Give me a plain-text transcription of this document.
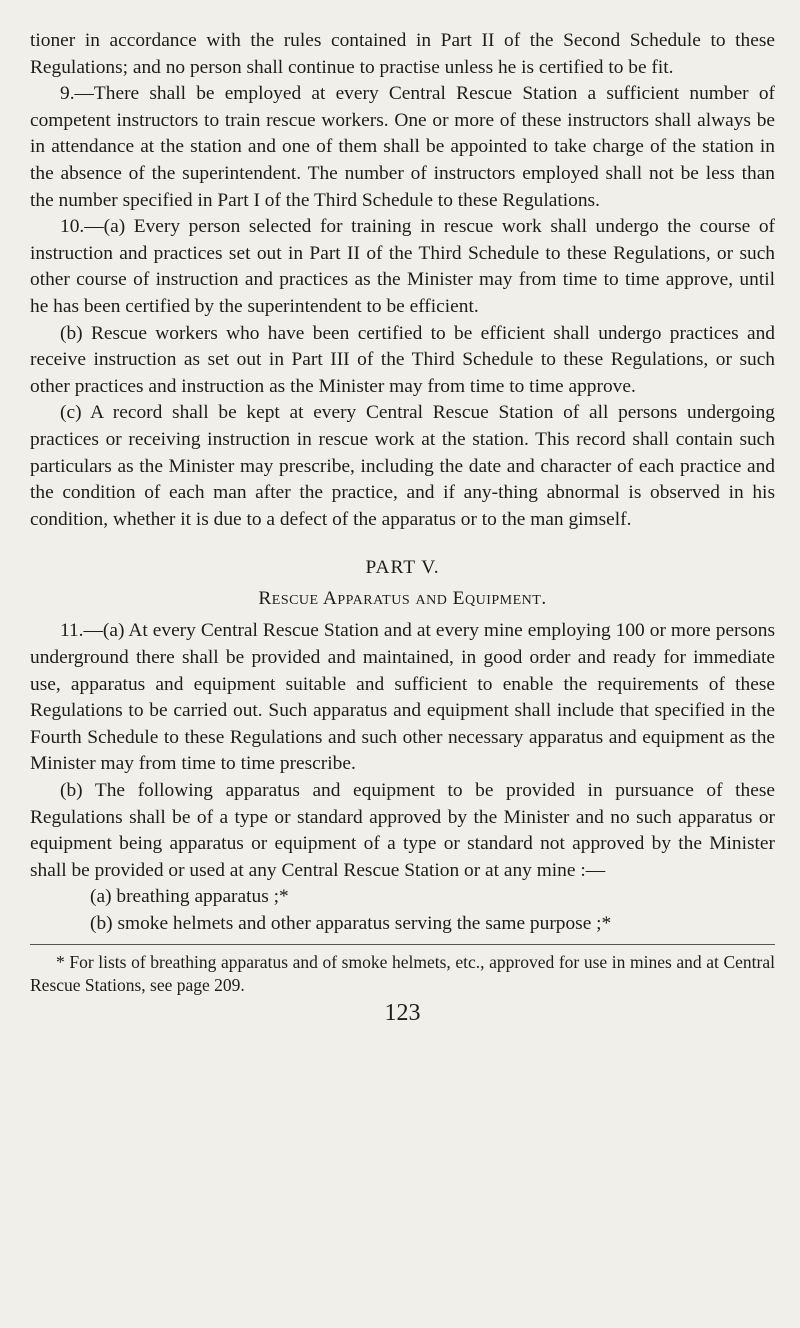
tioner in accordance with the rules contained in Part II of the Second Schedule to these Regulations; and no person shall continue to practise unless he is certified to be fit.

9.—There shall be employed at every Central Rescue Station a sufficient number of competent instructors to train rescue workers. One or more of these instructors shall always be in attendance at the station and one of them shall be appointed to take charge of the station in the absence of the superintendent. The number of instructors employed shall not be less than the number specified in Part I of the Third Schedule to these Regulations.

10.—(a) Every person selected for training in rescue work shall undergo the course of instruction and practices set out in Part II of the Third Schedule to these Regulations, or such other course of instruction and practices as the Minister may from time to time approve, until he has been certified by the superintendent to be efficient.

(b) Rescue workers who have been certified to be efficient shall undergo practices and receive instruction as set out in Part III of the Third Schedule to these Regulations, or such other practices and instruction as the Minister may from time to time approve.

(c) A record shall be kept at every Central Rescue Station of all persons undergoing practices or receiving instruction in rescue work at the station. This record shall contain such particulars as the Minister may prescribe, including the date and character of each practice and the condition of each man after the practice, and if any-thing abnormal is observed in his condition, whether it is due to a defect of the apparatus or to the man gimself.

PART V.
Rescue Apparatus and Equipment.

11.—(a) At every Central Rescue Station and at every mine employing 100 or more persons underground there shall be provided and maintained, in good order and ready for immediate use, apparatus and equipment suitable and sufficient to enable the requirements of these Regulations to be carried out. Such apparatus and equipment shall include that specified in the Fourth Schedule to these Regulations and such other necessary apparatus and equipment as the Minister may from time to time prescribe.

(b) The following apparatus and equipment to be provided in pursuance of these Regulations shall be of a type or standard approved by the Minister and no such apparatus or equipment being apparatus or equipment of a type or standard not approved by the Minister shall be provided or used at any Central Rescue Station or at any mine :—

(a) breathing apparatus ;*

(b) smoke helmets and other apparatus serving the same purpose ;*

* For lists of breathing apparatus and of smoke helmets, etc., approved for use in mines and at Central Rescue Stations, see page 209.

123
